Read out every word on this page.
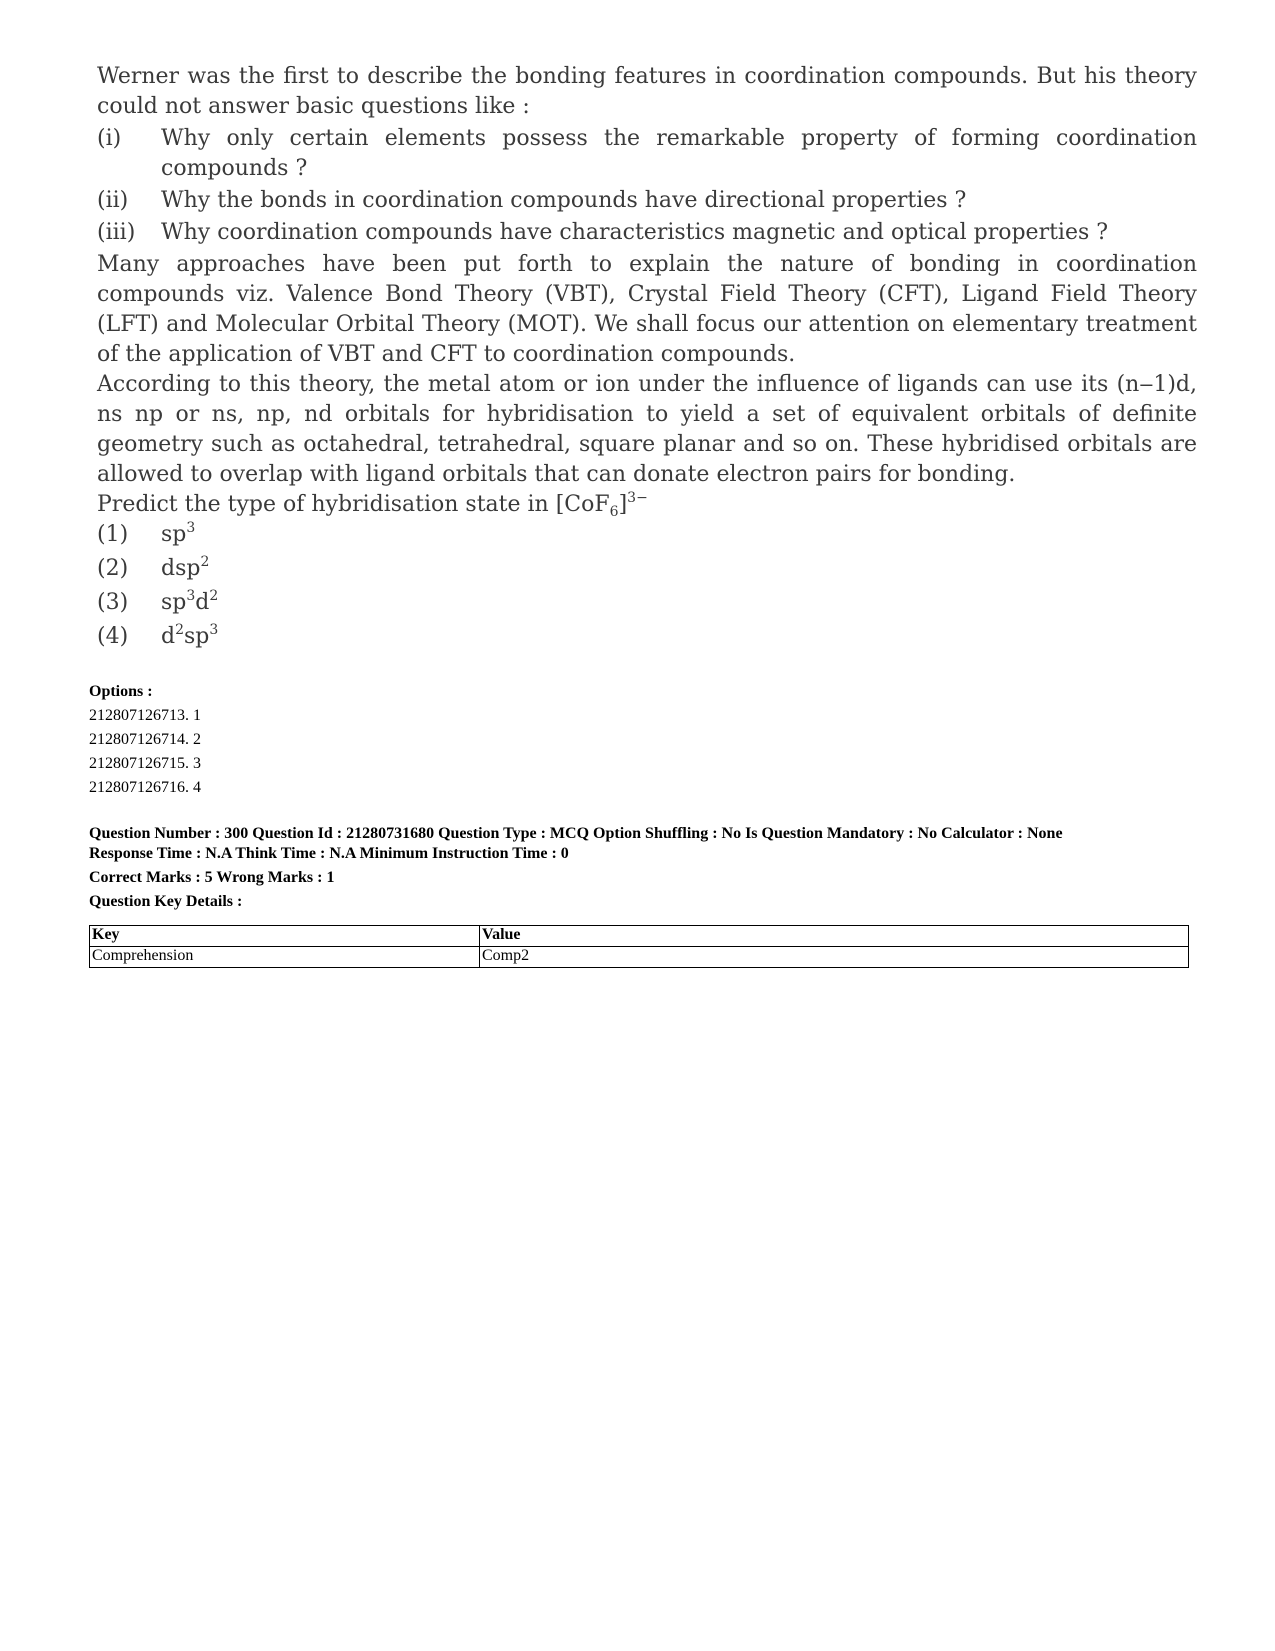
Werner was the first to describe the bonding features in coordination compounds. But his theory could not answer basic questions like :

(i)	Why only certain elements possess the remarkable property of forming coordination compounds ?
(ii)	Why the bonds in coordination compounds have directional properties ?
(iii)	Why coordination compounds have characteristics magnetic and optical properties ?

Many approaches have been put forth to explain the nature of bonding in coordination compounds viz. Valence Bond Theory (VBT), Crystal Field Theory (CFT), Ligand Field Theory (LFT) and Molecular Orbital Theory (MOT). We shall focus our attention on elementary treatment of the application of VBT and CFT to coordination compounds.

According to this theory, the metal atom or ion under the influence of ligands can use its (n‒1)d, ns np or ns, np, nd orbitals for hybridisation to yield a set of equivalent orbitals of definite geometry such as octahedral, tetrahedral, square planar and so on. These hybridised orbitals are allowed to overlap with ligand orbitals that can donate electron pairs for bonding.

Predict the type of hybridisation state in $[CoF_6]^{3-}$

(1)	$sp^3$
(2)	dsp$^2$
(3)	$sp^3d^2$
(4)	$d^2sp^3$
Options :
212807126713. 1
212807126714. 2
212807126715. 3
212807126716. 4
Question Number : 300 Question Id : 21280731680 Question Type : MCQ Option Shuffling : No Is Question Mandatory : No Calculator : None
Response Time : N.A Think Time : N.A Minimum Instruction Time : 0
Correct Marks : 5 Wrong Marks : 1
Question Key Details :
Key	Value
Comprehension	Comp2
